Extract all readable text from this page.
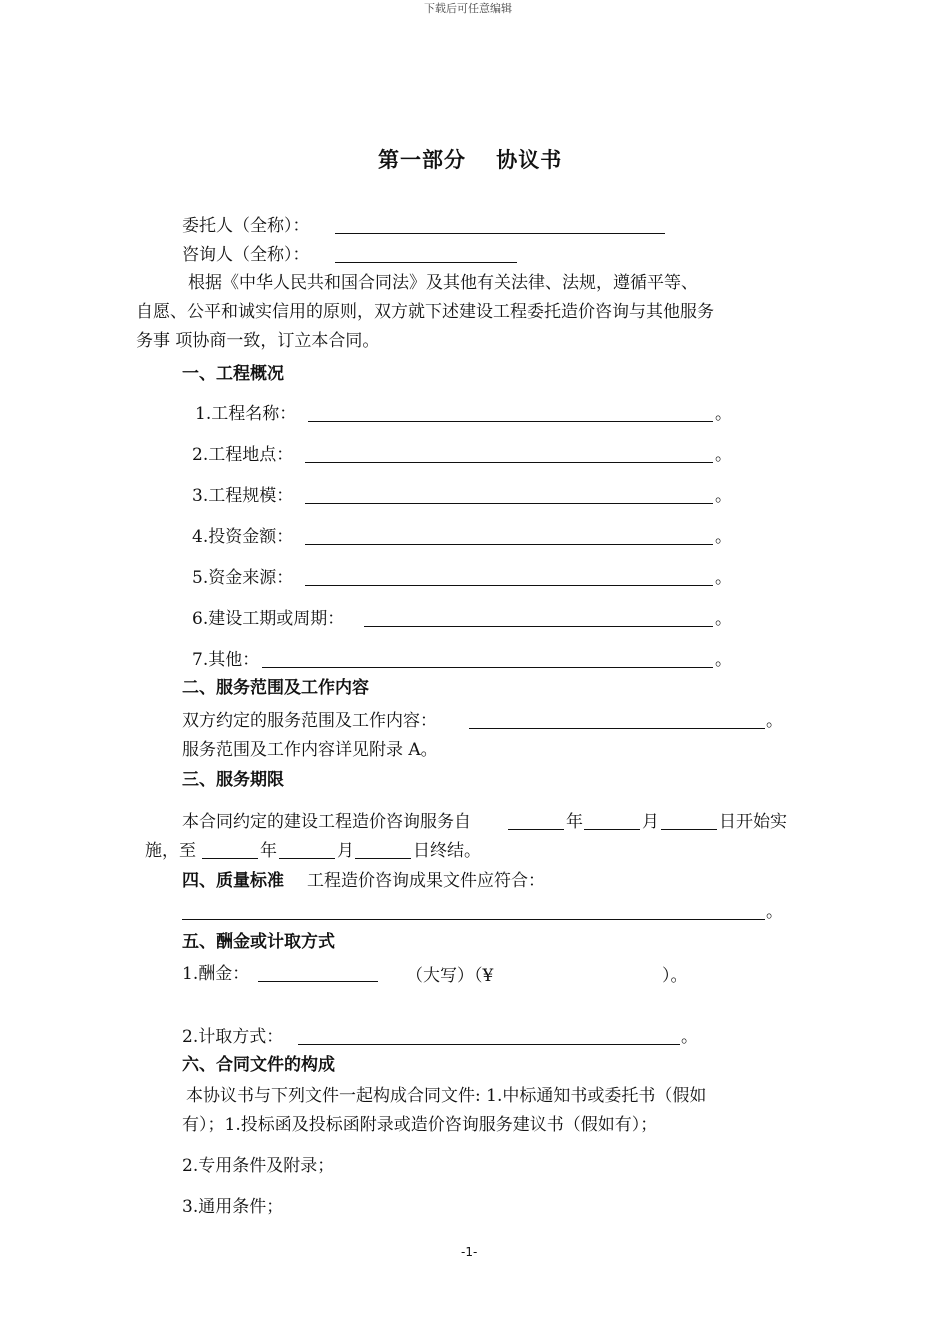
下载后可任意编辑
第一部分　 协议书
委托人（全称）：
咨询人（全称）：
根据《中华人民共和国合同法》及其他有关法律、法规，遵循平等、
自愿、公平和诚实信用的原则，双方就下述建设工程委托造价咨询与其他服务
务事 项协商一致，订立本合同。
一、工程概况
1.工程名称：	。
2.工程地点：	。
3.工程规模：	。
4.投资金额：	。
5.资金来源：	。
6.建设工期或周期：	。
7.其他：	。
二、服务范围及工作内容
双方约定的服务范围及工作内容：	。
服务范围及工作内容详见附录 A。
三、服务期限
本合同约定的建设工程造价咨询服务自	年	月	日开始实
施，至	年	月	日终结。
四、质量标准 工程造价咨询成果文件应符合：
。
五、酬金或计取方式
1.酬金：	（大写）（¥	）。
2.计取方式：	。
六、合同文件的构成
本协议书与下列文件一起构成合同文件: 1.中标通知书或委托书（假如
有）；1.投标函及投标函附录或造价咨询服务建议书（假如有）；
2.专用条件及附录；
3.通用条件；
-1-
